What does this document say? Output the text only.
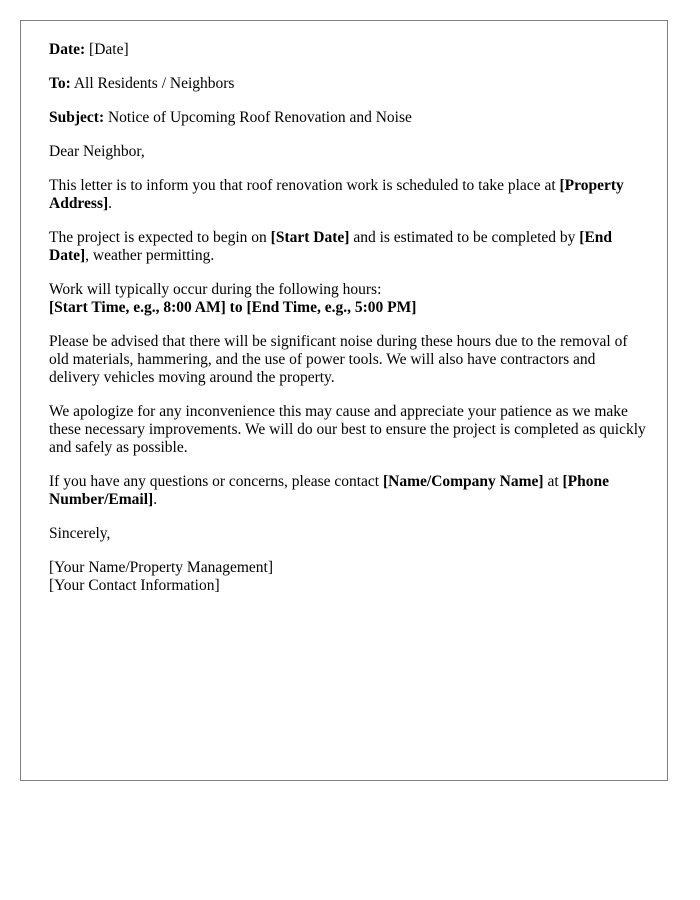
Date: [Date]

To: All Residents / Neighbors

Subject: Notice of Upcoming Roof Renovation and Noise

Dear Neighbor,

This letter is to inform you that roof renovation work is scheduled to take place at [Property Address].

The project is expected to begin on [Start Date] and is estimated to be completed by [End Date], weather permitting.

Work will typically occur during the following hours:
[Start Time, e.g., 8:00 AM] to [End Time, e.g., 5:00 PM]

Please be advised that there will be significant noise during these hours due to the removal of old materials, hammering, and the use of power tools. We will also have contractors and delivery vehicles moving around the property.

We apologize for any inconvenience this may cause and appreciate your patience as we make these necessary improvements. We will do our best to ensure the project is completed as quickly and safely as possible.

If you have any questions or concerns, please contact [Name/Company Name] at [Phone Number/Email].

Sincerely,

[Your Name/Property Management]
[Your Contact Information]
